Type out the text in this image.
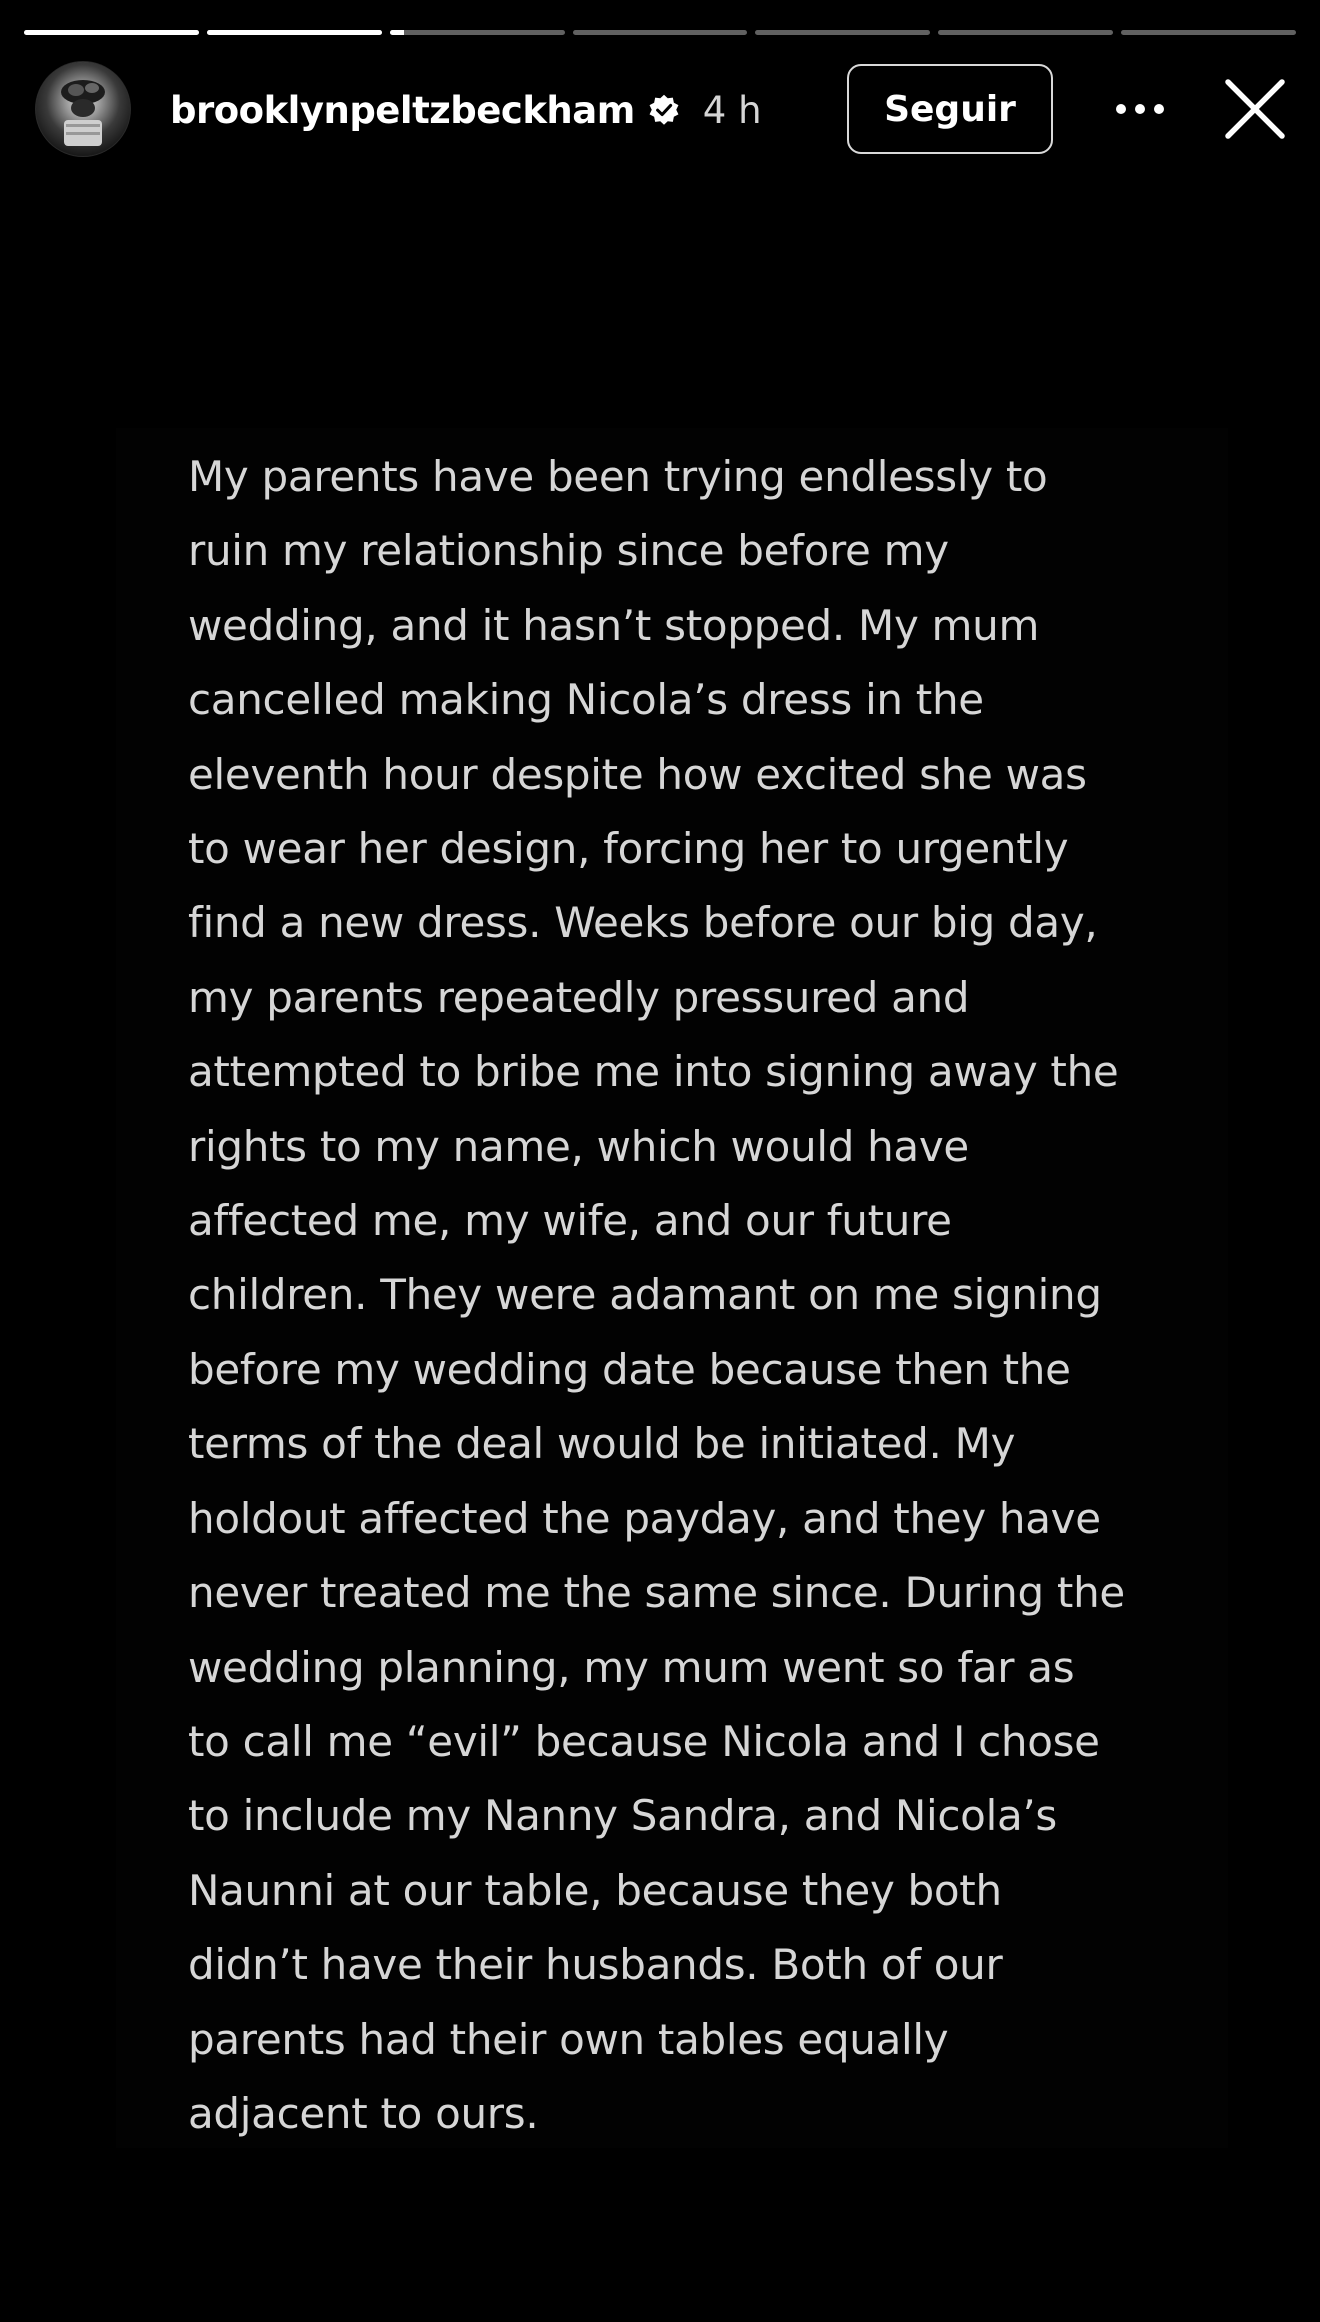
brooklynpeltzbeckham 4 h	Seguir

My parents have been trying endlessly to
ruin my relationship since before my
wedding, and it hasn’t stopped. My mum
cancelled making Nicola’s dress in the
eleventh hour despite how excited she was
to wear her design, forcing her to urgently
find a new dress. Weeks before our big day,
my parents repeatedly pressured and
attempted to bribe me into signing away the
rights to my name, which would have
affected me, my wife, and our future
children. They were adamant on me signing
before my wedding date because then the
terms of the deal would be initiated. My
holdout affected the payday, and they have
never treated me the same since. During the
wedding planning, my mum went so far as
to call me “evil” because Nicola and I chose
to include my Nanny Sandra, and Nicola’s
Naunni at our table, because they both
didn’t have their husbands. Both of our
parents had their own tables equally
adjacent to ours.
